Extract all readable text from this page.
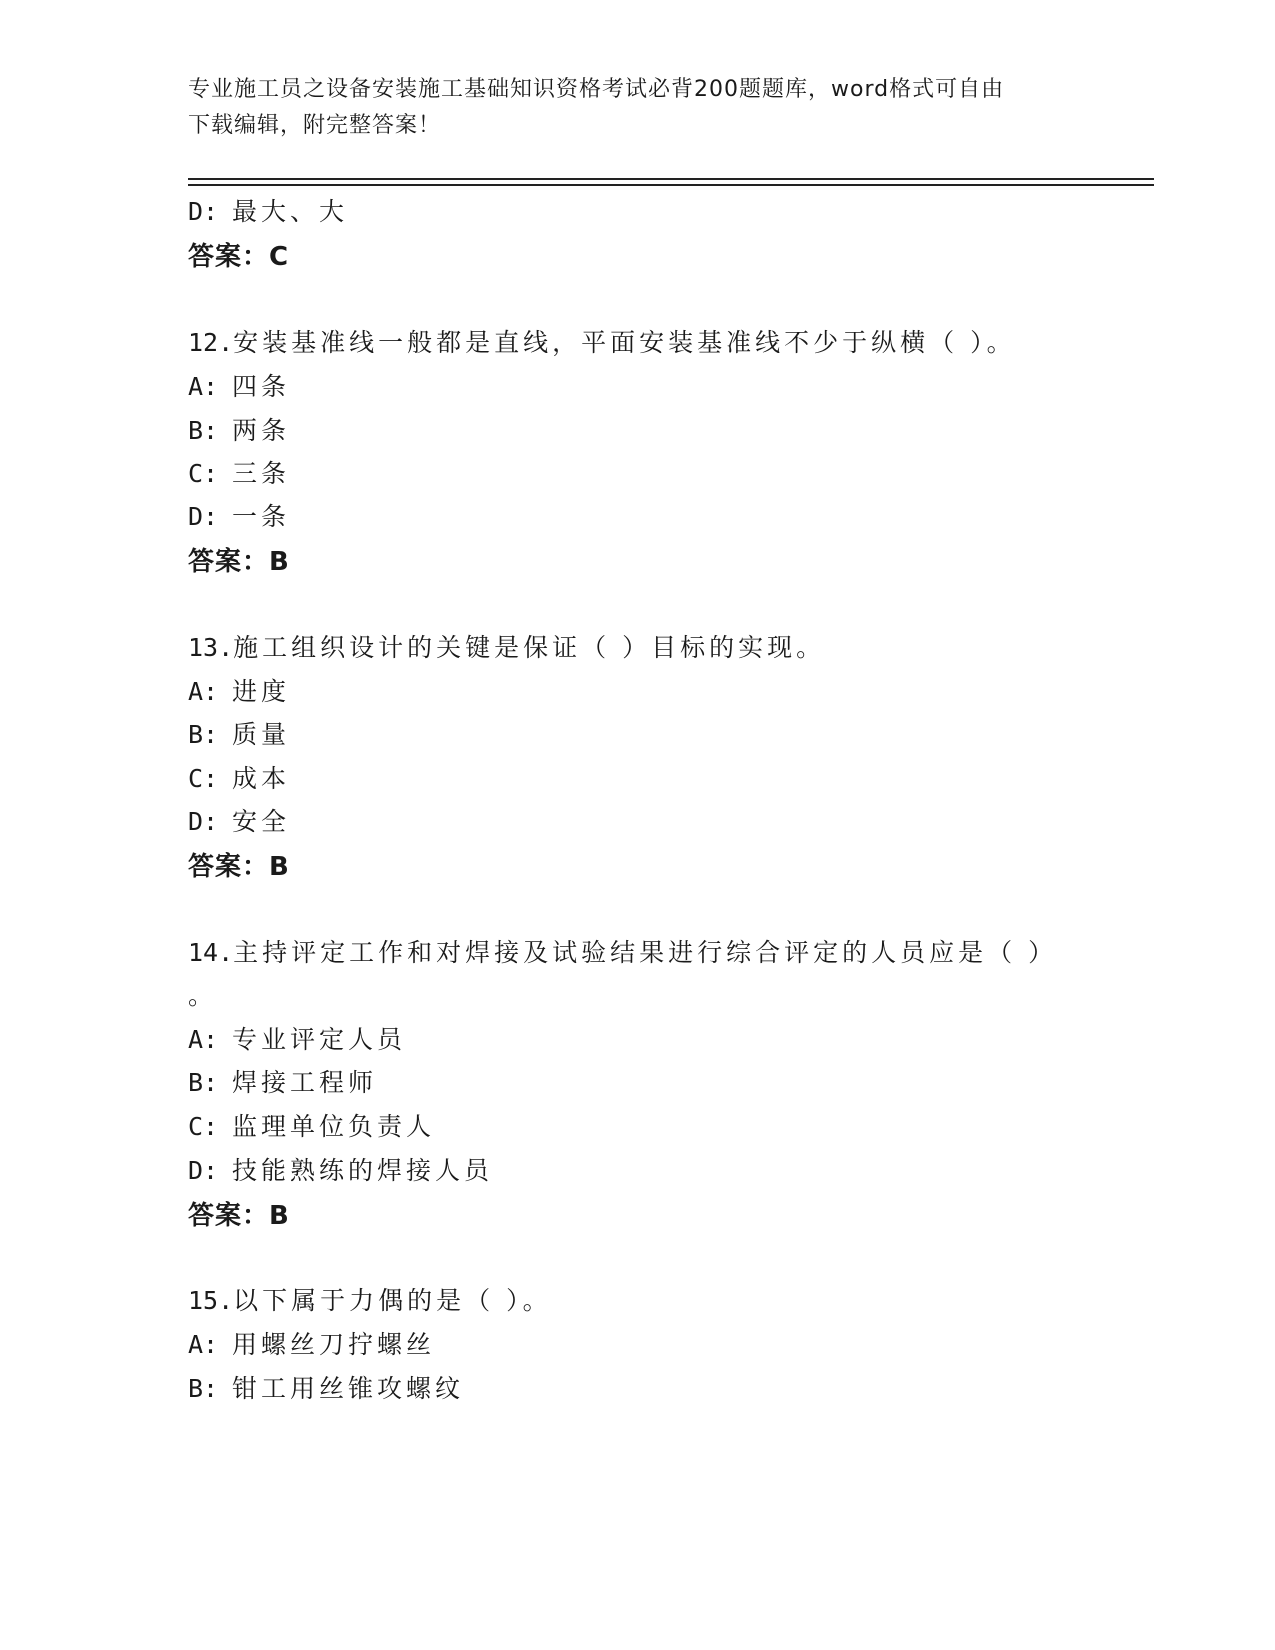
专业施工员之设备安装施工基础知识资格考试必背200题题库，word格式可自由
下载编辑，附完整答案！
D: 最大、大
答案：C
12.安装基准线一般都是直线，平面安装基准线不少于纵横（ ）。
A: 四条
B: 两条
C: 三条
D: 一条
答案：B
13.施工组织设计的关键是保证（ ）目标的实现。
A: 进度
B: 质量
C: 成本
D: 安全
答案：B
14.主持评定工作和对焊接及试验结果进行综合评定的人员应是（ ）
。
A: 专业评定人员
B: 焊接工程师
C: 监理单位负责人
D: 技能熟练的焊接人员
答案：B
15.以下属于力偶的是（ ）。
A: 用螺丝刀拧螺丝
B: 钳工用丝锥攻螺纹
